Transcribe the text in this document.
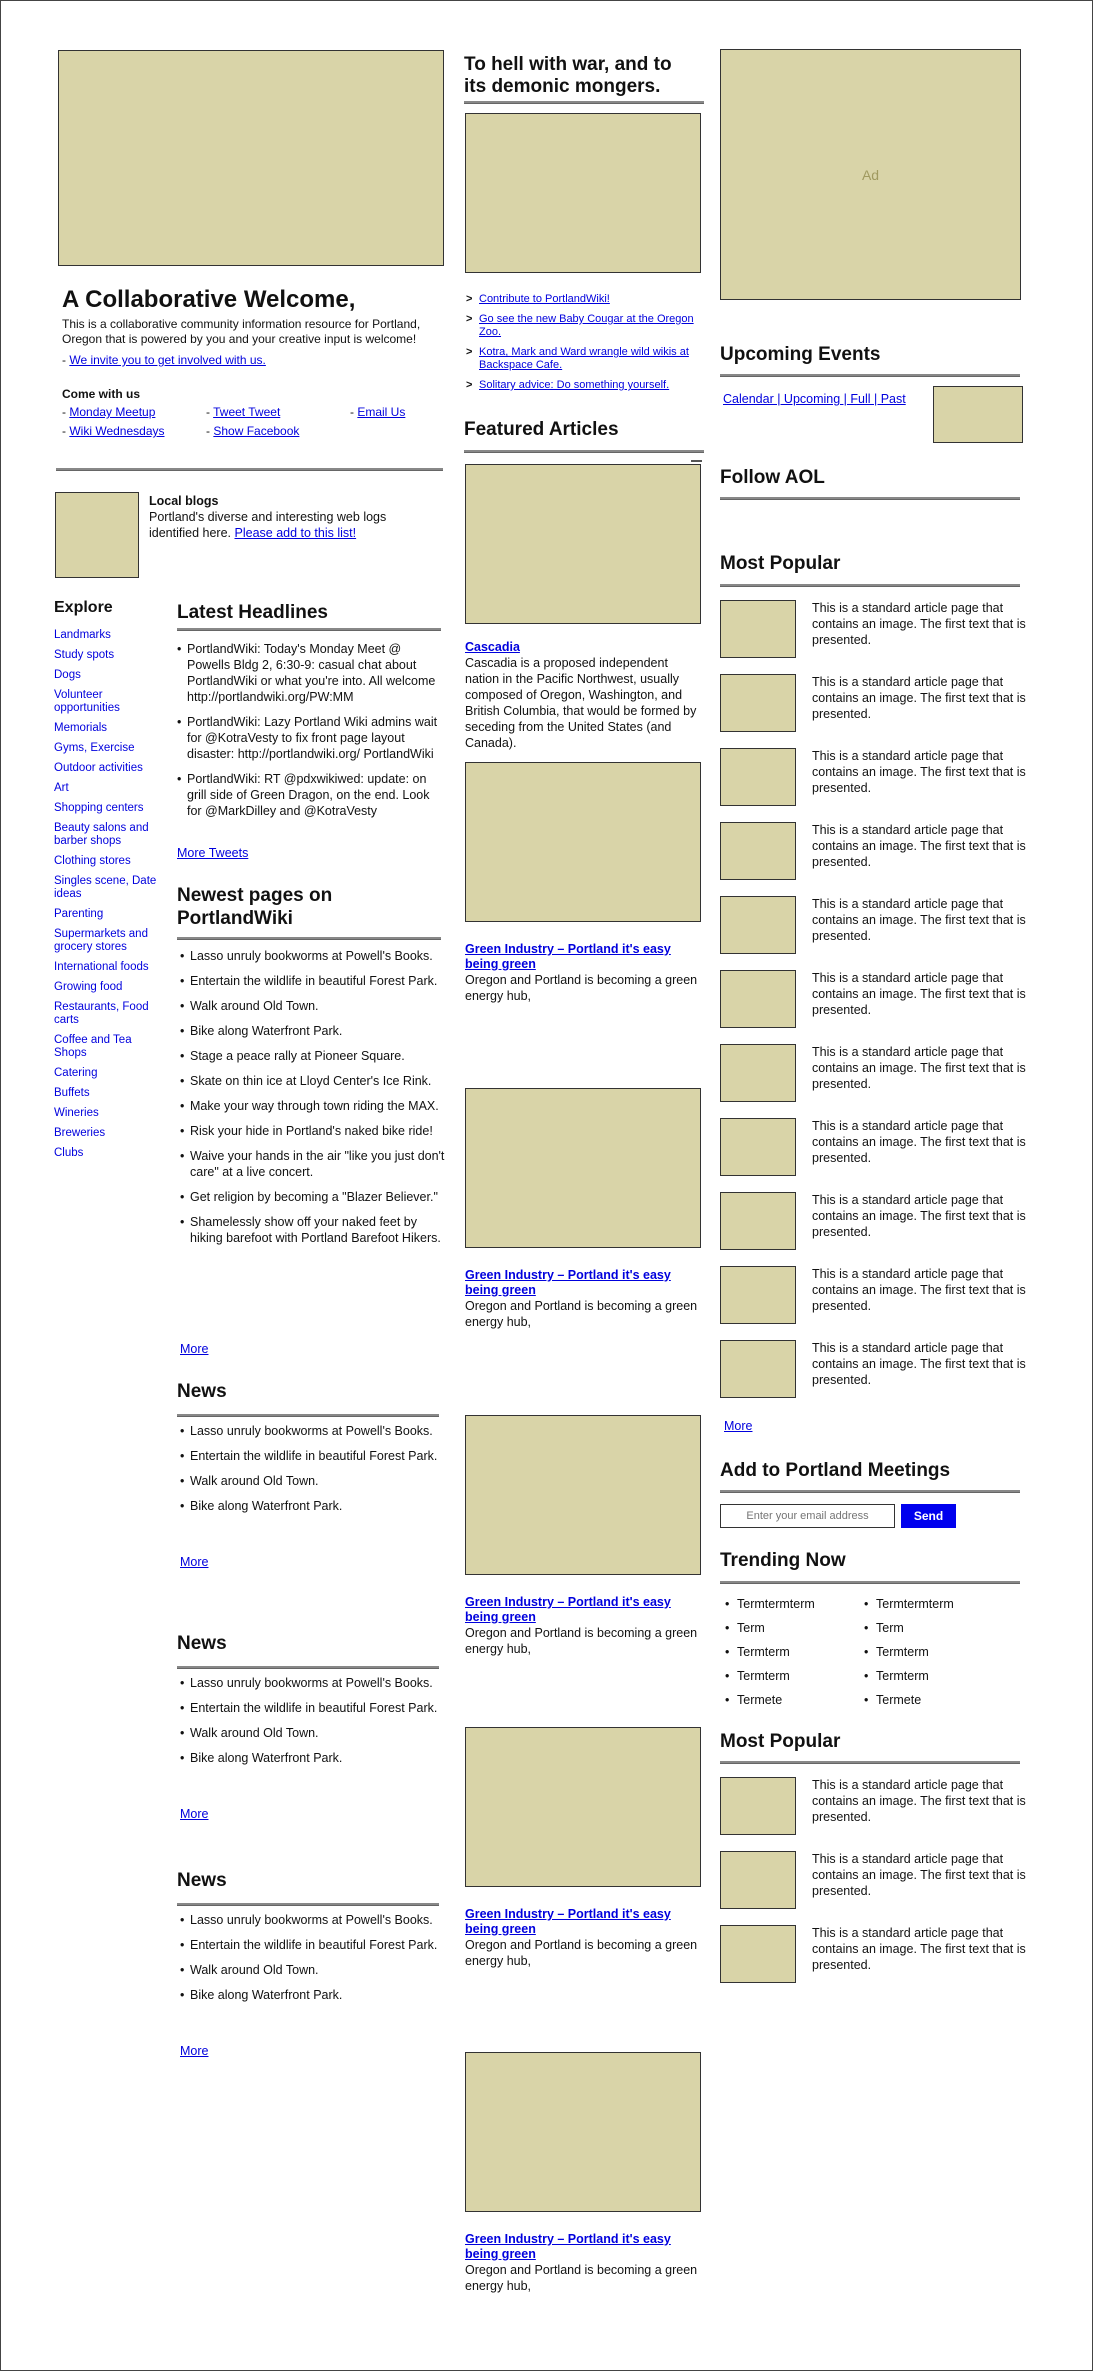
A Collaborative Welcome,
This is a collaborative community information resource for Portland, Oregon that is powered by you and your creative input is welcome!
- We invite you to get involved with us.
Come with us
- Monday Meetup	- Tweet Tweet	- Email Us
- Wiki Wednesdays	- Show Facebook
Local blogs
Portland's diverse and interesting web logs identified here. Please add to this list!
Explore
Landmarks
Study spots
Dogs
Volunteer opportunities
Memorials
Gyms, Exercise
Outdoor activities
Art
Shopping centers
Beauty salons and barber shops
Clothing stores
Singles scene, Date ideas
Parenting
Supermarkets and grocery stores
International foods
Growing food
Restaurants, Food carts
Coffee and Tea Shops
Catering
Buffets
Wineries
Breweries
Clubs
Latest Headlines
• PortlandWiki: Today's Monday Meet @ Powells Bldg 2, 6:30-9: casual chat about PortlandWiki or what you're into. All welcome http://portlandwiki.org/PW:MM
• PortlandWiki: Lazy Portland Wiki admins wait for @KotraVesty to fix front page layout disaster: http://portlandwiki.org/ PortlandWiki
• PortlandWiki: RT @pdxwikiwed: update: on grill side of Green Dragon, on the end. Look for @MarkDilley and @KotraVesty
More Tweets
Newest pages on PortlandWiki
• Lasso unruly bookworms at Powell's Books.
• Entertain the wildlife in beautiful Forest Park.
• Walk around Old Town.
• Bike along Waterfront Park.
• Stage a peace rally at Pioneer Square.
• Skate on thin ice at Lloyd Center's Ice Rink.
• Make your way through town riding the MAX.
• Risk your hide in Portland's naked bike ride!
• Waive your hands in the air "like you just don't care" at a live concert.
• Get religion by becoming a "Blazer Believer."
• Shamelessly show off your naked feet by hiking barefoot with Portland Barefoot Hikers.
More
News
• Lasso unruly bookworms at Powell's Books.
• Entertain the wildlife in beautiful Forest Park.
• Walk around Old Town.
• Bike along Waterfront Park.
More
News
• Lasso unruly bookworms at Powell's Books.
• Entertain the wildlife in beautiful Forest Park.
• Walk around Old Town.
• Bike along Waterfront Park.
More
News
• Lasso unruly bookworms at Powell's Books.
• Entertain the wildlife in beautiful Forest Park.
• Walk around Old Town.
• Bike along Waterfront Park.
More
To hell with war, and to its demonic mongers.
> Contribute to PortlandWiki!
> Go see the new Baby Cougar at the Oregon Zoo.
> Kotra, Mark and Ward wrangle wild wikis at Backspace Cafe.
> Solitary advice: Do something yourself.
Featured Articles
Cascadia
Cascadia is a proposed independent nation in the Pacific Northwest, usually composed of Oregon, Washington, and British Columbia, that would be formed by seceding from the United States (and Canada).
Green Industry – Portland it's easy being green
Oregon and Portland is becoming a green energy hub,
Green Industry – Portland it's easy being green
Oregon and Portland is becoming a green energy hub,
Green Industry – Portland it's easy being green
Oregon and Portland is becoming a green energy hub,
Green Industry – Portland it's easy being green
Oregon and Portland is becoming a green energy hub,
Green Industry – Portland it's easy being green
Oregon and Portland is becoming a green energy hub,
Ad
Upcoming Events
Calendar | Upcoming | Full | Past
Follow AOL
Most Popular
This is a standard article page that contains an image. The first text that is presented.
This is a standard article page that contains an image. The first text that is presented.
This is a standard article page that contains an image. The first text that is presented.
This is a standard article page that contains an image. The first text that is presented.
This is a standard article page that contains an image. The first text that is presented.
This is a standard article page that contains an image. The first text that is presented.
This is a standard article page that contains an image. The first text that is presented.
This is a standard article page that contains an image. The first text that is presented.
This is a standard article page that contains an image. The first text that is presented.
This is a standard article page that contains an image. The first text that is presented.
This is a standard article page that contains an image. The first text that is presented.
More
Add to Portland Meetings
Enter your email address
Send
Trending Now
• Termtermterm
• Term
• Termterm
• Termterm
• Termete
• Termtermterm
• Term
• Termterm
• Termterm
• Termete
Most Popular
This is a standard article page that contains an image. The first text that is presented.
This is a standard article page that contains an image. The first text that is presented.
This is a standard article page that contains an image. The first text that is presented.
